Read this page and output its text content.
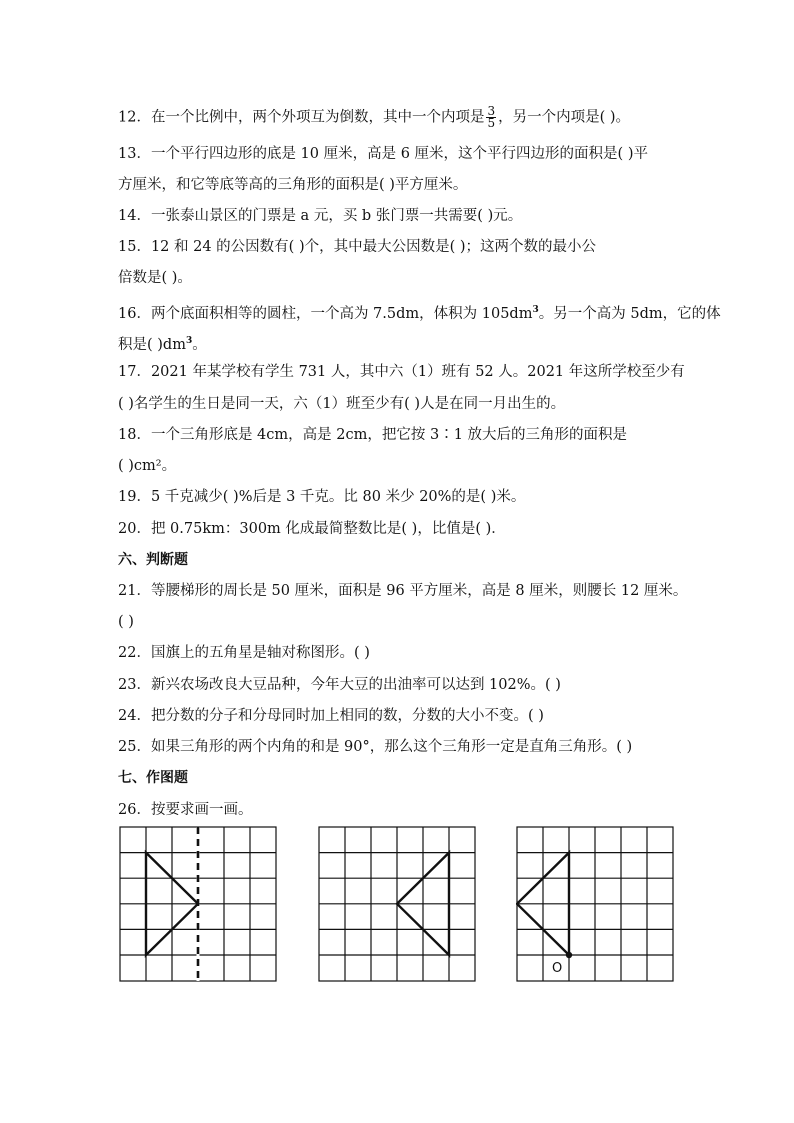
12．在一个比例中，两个外项互为倒数，其中一个内项是 $\frac{3}{5}$ ，另一个内项是( )。
13．一个平行四边形的底是 10 厘米，高是 6 厘米，这个平行四边形的面积是( )平
方厘米，和它等底等高的三角形的面积是( )平方厘米。
14．一张泰山景区的门票是 a 元，买 b 张门票一共需要( )元。
15．12 和 24 的公因数有( )个，其中最大公因数是( )；这两个数的最小公
倍数是( )。
16．两个底面积相等的圆柱，一个高为 7.5dm，体积为 $105dm^3$。另一个高为 5dm，它的体
积是( )$dm^3$。
17．2021 年某学校有学生 731 人，其中六（1）班有 52 人。2021 年这所学校至少有
( )名学生的生日是同一天，六（1）班至少有( )人是在同一月出生的。
18．一个三角形底是 4cm，高是 2cm，把它按 3∶1 放大后的三角形的面积是
( )cm²。
19．5 千克减少( )%后是 3 千克。比 80 米少 20%的是( )米。
20．把 0.75km：300m 化成最简整数比是( )，比值是( )．
六、判断题
21．等腰梯形的周长是 50 厘米，面积是 96 平方厘米，高是 8 厘米，则腰长 12 厘米。
( )
22．国旗上的五角星是轴对称图形。( )
23．新兴农场改良大豆品种，今年大豆的出油率可以达到 102%。( )
24．把分数的分子和分母同时加上相同的数，分数的大小不变。( )
25．如果三角形的两个内角的和是 90°，那么这个三角形一定是直角三角形。( )
七、作图题
26．按要求画一画。
O
